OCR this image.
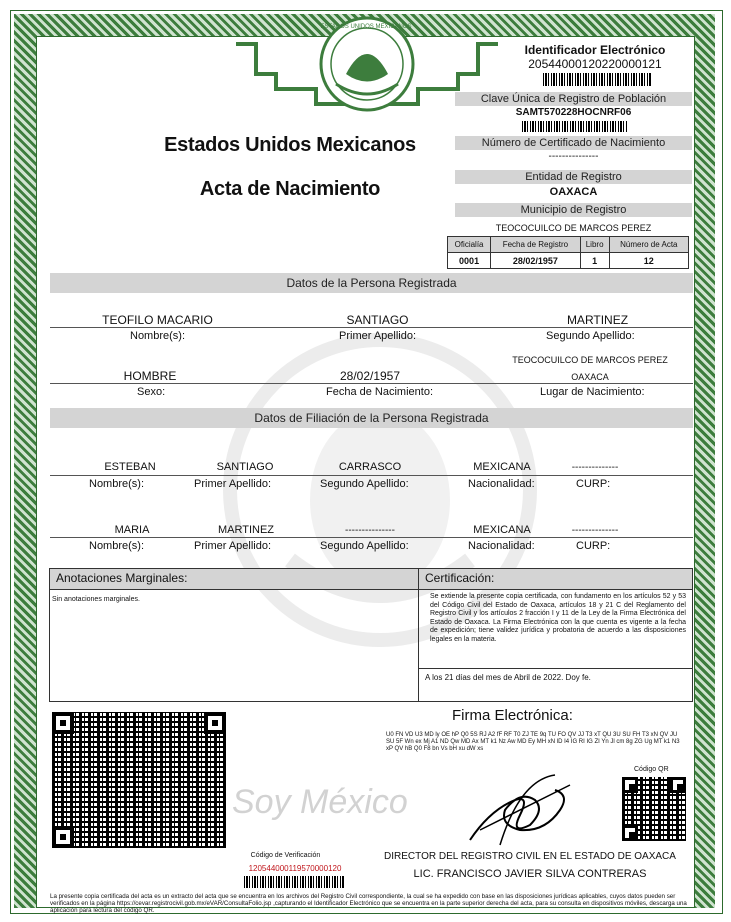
ESTADOS UNIDOS MEXICANOS
Identificador Electrónico
20544000120220000121
Clave Única de Registro de Población
SAMT570228HOCNRF06
Número de Certificado de Nacimiento
---------------
Entidad de Registro
OAXACA
Municipio de Registro
TEOCOCUILCO DE MARCOS PEREZ
Oficialía	Fecha de Registro	Libro	Número de Acta
0001	28/02/1957	1	12
Estados Unidos Mexicanos
Acta de Nacimiento
Datos de la Persona Registrada
TEOFILO MACARIO	SANTIAGO	MARTINEZ
Nombre(s):	Primer Apellido:	Segundo Apellido:
TEOCOCUILCO DE MARCOS PEREZ
HOMBRE	28/02/1957	OAXACA
Sexo:	Fecha de Nacimiento:	Lugar de Nacimiento:
Datos de Filiación de la Persona Registrada
ESTEBAN	SANTIAGO	CARRASCO	MEXICANA	--------------
Nombre(s):	Primer Apellido:	Segundo Apellido:	Nacionalidad:	CURP:
MARIA	MARTINEZ	---------------	MEXICANA	--------------
Nombre(s):	Primer Apellido:	Segundo Apellido:	Nacionalidad:	CURP:
Anotaciones Marginales:	Certificación:
Sin anotaciones marginales.	Se extiende la presente copia certificada, con fundamento en los artículos 52 y 53 del Código Civil del Estado de Oaxaca, artículos 18 y 21 C del Reglamento del Registro Civil y los artículos 2 fracción I y 11 de la Ley de la Firma Electrónica del Estado de Oaxaca. La Firma Electrónica con la que cuenta es vigente a la fecha de expedición; tiene validez jurídica y probatoria de acuerdo a las disposiciones legales en la materia.
A los 21 días del mes de Abril de 2022. Doy fe.
Firma Electrónica:
U0 FN VD U3 MD ly OE hP Q0 5S RJ A2 fF RF T0 ZJ TE 9q TU FO QV JJ T3 xT QU 3U SU FH T3 xN QV JU SU 5F Wn ex Mj A1 ND Qw MD Ax MT k1 Nz Aw MD Ey MH xN lD I4 IG RI IG ZI Yn Jl cm 8g ZG Ug MT k1 N3 xP QV hB Q0 F8 bn Vs bH xu dW xs
Código QR
Soy México
Código de Verificación
120544000119570000120
DIRECTOR DEL REGISTRO CIVIL EN EL ESTADO DE OAXACA
LIC. FRANCISCO JAVIER SILVA CONTRERAS
La presente copia certificada del acta es un extracto del acta que se encuentra en los archivos del Registro Civil correspondiente, la cual se ha expedido con base en las disposiciones jurídicas aplicables, cuyos datos pueden ser verificados en la página https://cevar.registrocivil.gob.mx/eVAR/ConsultaFolio.jsp ,capturando el Identificador Electrónico que se encuentra en la parte superior derecha del acta, para su consulta en dispositivos móviles, descarga una aplicación para lectura del código QR.
